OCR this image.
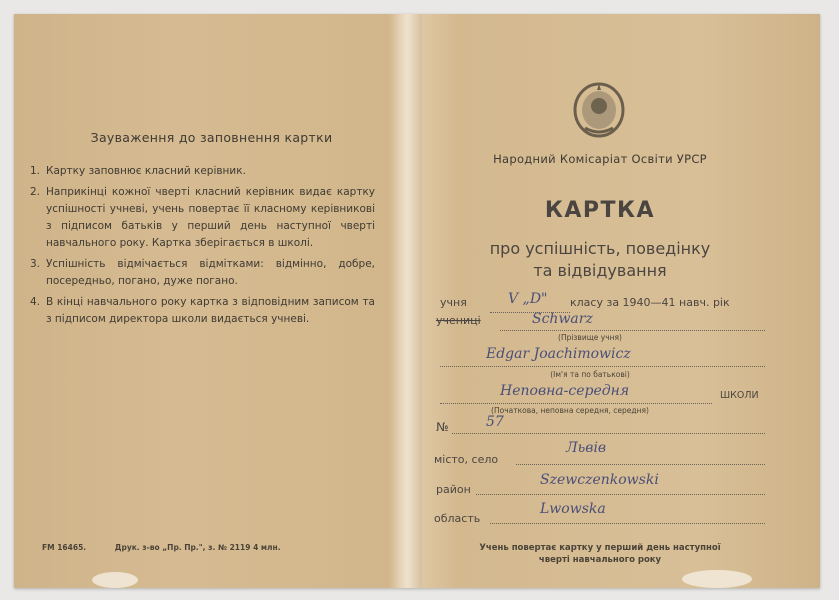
Зауваження до заповнення картки
1. Картку заповнює класний керівник.
2. Наприкінці кожної чверті класний керівник видає картку успішності учневі, учень повертає її класному керівникові з підписом батьків у перший день наступної чверті навчального року. Картка зберігається в школі.
3. Успішність відмічається відмітками: відмінно, добре, посередньо, погано, дуже погано.
4. В кінці навчального року картка з відповідним записом та з підписом директора школи видається учневі.
FM 16465.	Друк. з-во „Пр. Пр.", з. № 2119 4 млн.
Народний Комісаріат Освіти УРСР
КАРТКА
про успішність, поведінку
та відвідування
учня
учениці
V „D" класу за 1940—41 навч. рік
Schwarz
(Прізвище учня)
Edgar Joachimowicz
(Ім'я та по батькові)
Неповна-середня	ШКОЛИ
(Початкова, неповна середня, середня)
№	57
місто, село
Львів
район
Szewczenkowski
область
Lwowska
Учень повертає картку у перший день наступної
чверті навчального року
